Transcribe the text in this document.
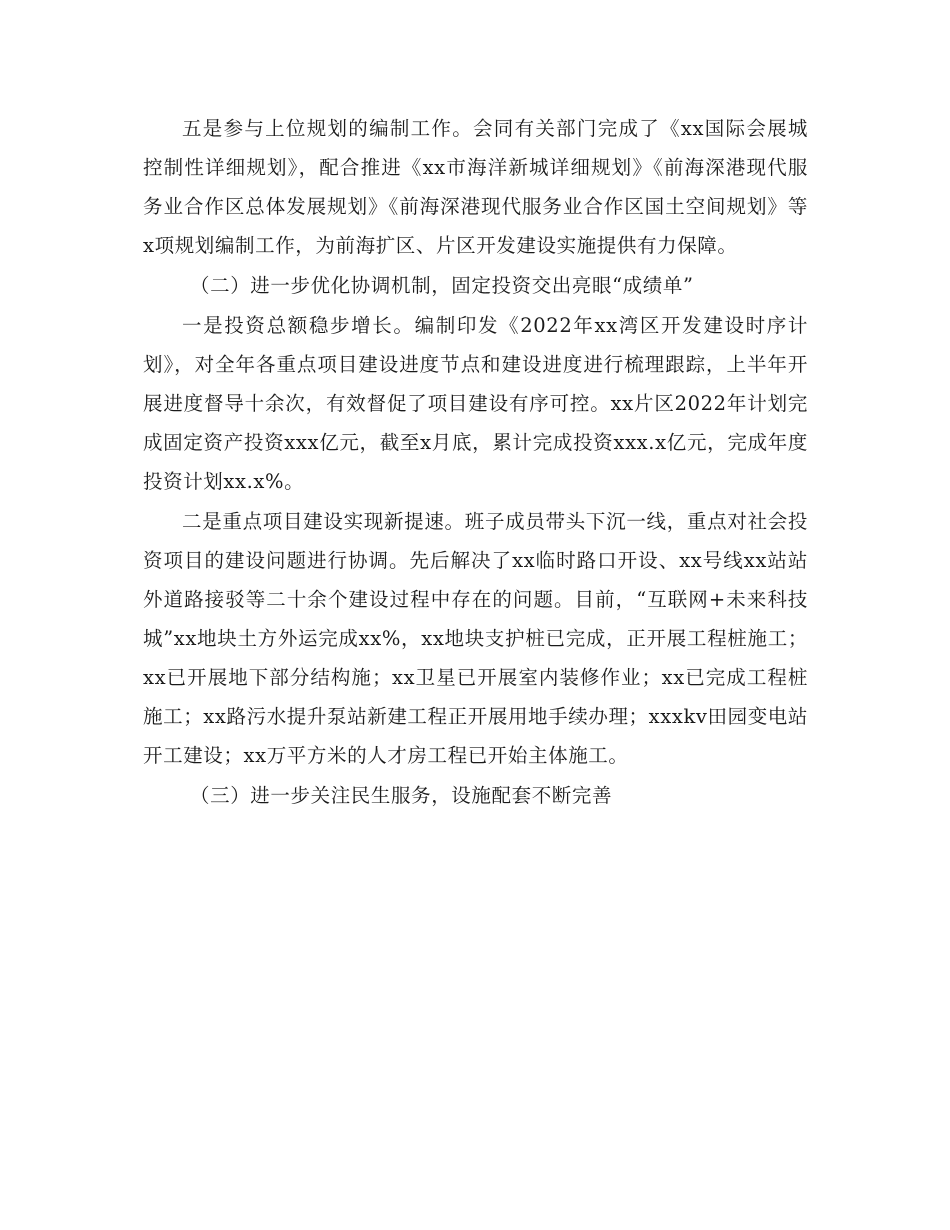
五是参与上位规划的编制工作。会同有关部门完成了《xx国际会展城控制性详细规划》，配合推进《xx市海洋新城详细规划》《前海深港现代服务业合作区总体发展规划》《前海深港现代服务业合作区国土空间规划》等x项规划编制工作，为前海扩区、片区开发建设实施提供有力保障。

（二）进一步优化协调机制，固定投资交出亮眼“成绩单”

一是投资总额稳步增长。编制印发《2022年xx湾区开发建设时序计划》，对全年各重点项目建设进度节点和建设进度进行梳理跟踪，上半年开展进度督导十余次，有效督促了项目建设有序可控。xx片区2022年计划完成固定资产投资xxx亿元，截至x月底，累计完成投资xxx.x亿元，完成年度投资计划xx.x%。

二是重点项目建设实现新提速。班子成员带头下沉一线，重点对社会投资项目的建设问题进行协调。先后解决了xx临时路口开设、xx号线xx站站外道路接驳等二十余个建设过程中存在的问题。目前，“互联网+未来科技城”xx地块土方外运完成xx%，xx地块支护桩已完成，正开展工程桩施工；xx已开展地下部分结构施；xx卫星已开展室内装修作业；xx已完成工程桩施工；xx路污水提升泵站新建工程正开展用地手续办理；xxxkv田园变电站开工建设；xx万平方米的人才房工程已开始主体施工。

（三）进一步关注民生服务，设施配套不断完善
